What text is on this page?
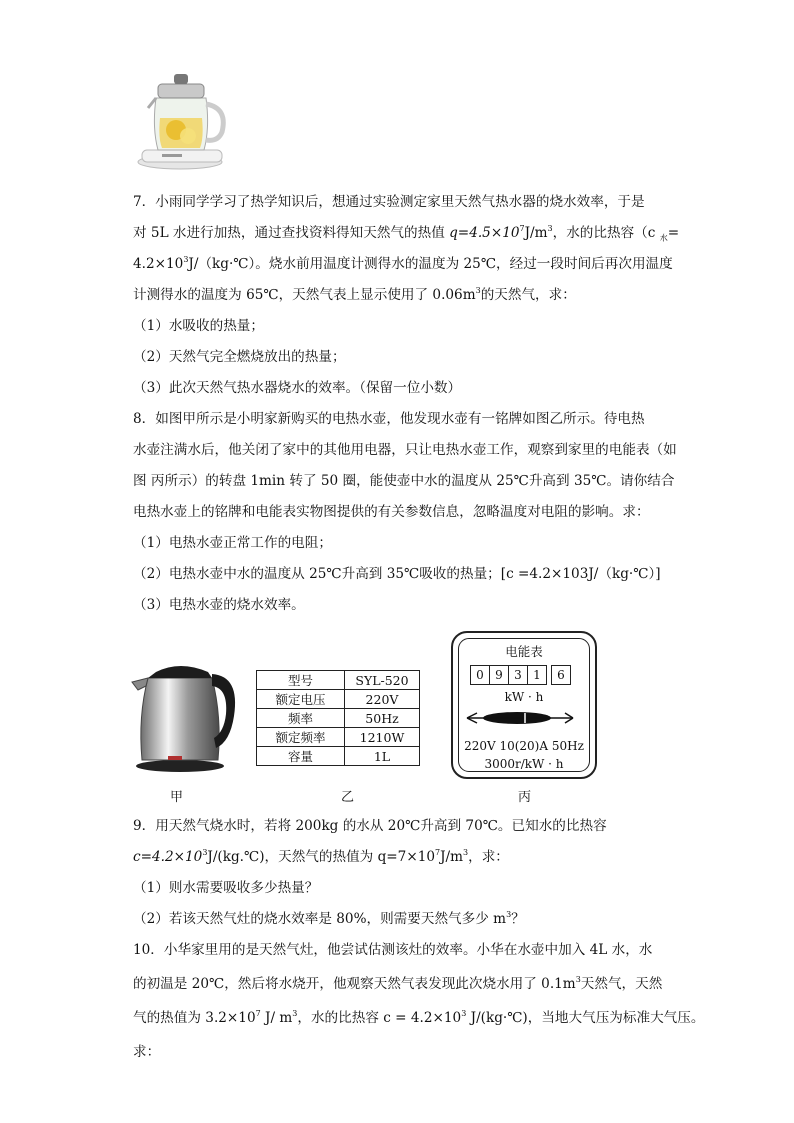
7．小雨同学学习了热学知识后，想通过实验测定家里天然气热水器的烧水效率，于是
对 5L 水进行加热，通过查找资料得知天然气的热值 $q=4.5\times 10^7J/m^3$，水的比热容（c $_水$=
$4.2\times 10^3J/(kg\cdot℃)$。烧水前用温度计测得水的温度为 25℃，经过一段时间后再次用温度
计测得水的温度为 65℃，天然气表上显示使用了 $0.06m^3$的天然气，求：
（1）水吸收的热量；
（2）天然气完全燃烧放出的热量；
（3）此次天然气热水器烧水的效率。（保留一位小数）
8．如图甲所示是小明家新购买的电热水壶，他发现水壶有一铭牌如图乙所示。待电热
水壶注满水后，他关闭了家中的其他用电器，只让电热水壶工作，观察到家里的电能表（如
图 丙所示）的转盘 1min 转了 50 圈，能使壶中水的温度从 25℃升高到 35℃。请你结合
电热水壶上的铭牌和电能表实物图提供的有关参数信息，忽略温度对电阻的影响。求：
（1）电热水壶正常工作的电阻；
（2）电热水壶中水的温度从 25℃升高到 35℃吸收的热量；[c =4.2×103J/（kg·℃）]
（3）电热水壶的烧水效率。
型号	SYL-520
额定电压	220V
频率	50Hz
额定频率	1210W
容量	1L
电能表
0 9 3 1	6
kW · h
220V 10(20)A 50Hz
3000r/kW · h
甲	乙	丙
9．用天然气烧水时，若将 200kg 的水从 20℃升高到 70℃。已知水的比热容
$c=4.2\times 10^3J/(kg.℃)$，天然气的热值为 $q=7\times 10^7J/m^3$，求：
（1）则水需要吸收多少热量？
（2）若该天然气灶的烧水效率是 80%，则需要天然气多少 $m^3$？
10．小华家里用的是天然气灶，他尝试估测该灶的效率。小华在水壶中加入 4L 水，水
的初温是 20℃，然后将水烧开，他观察天然气表发现此次烧水用了 $0.1m^3$天然气，天然
气的热值为 $3.2\times 10^7$ J/ $m^3$，水的比热容 $c = 4.2\times 10^3$ J/(kg·℃)，当地大气压为标准大气压。
求：
